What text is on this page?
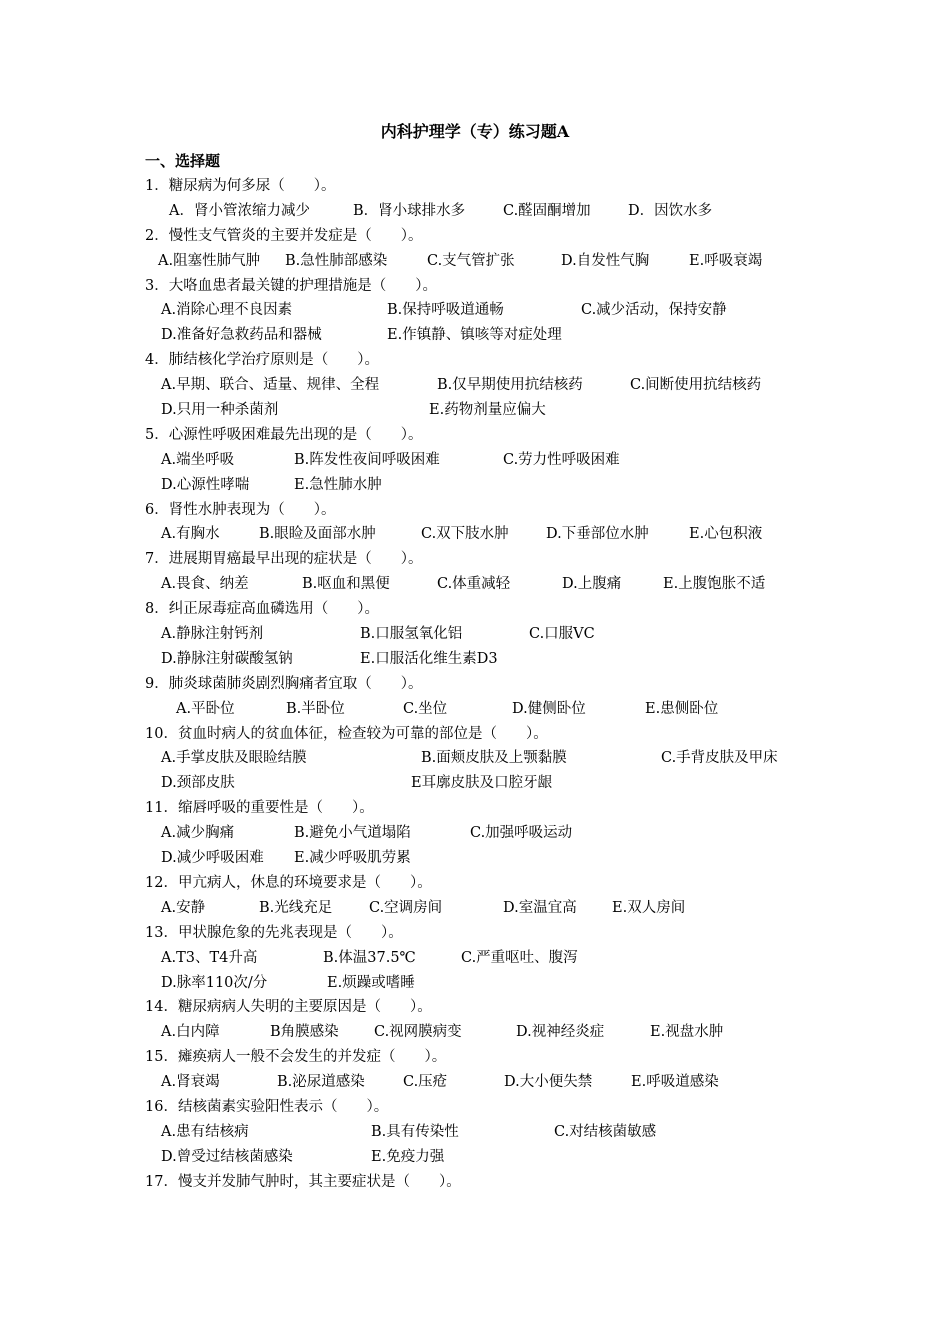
内科护理学（专）练习题A
一、选择题
1．糖尿病为何多尿（　　）。
A．肾小管浓缩力减少	B．肾小球排水多	C.醛固酮增加	D．因饮水多
2．慢性支气管炎的主要并发症是（　　）。
A.阻塞性肺气肿 B.急性肺部感染	C.支气管扩张	D.自发性气胸	E.呼吸衰竭
3．大咯血患者最关键的护理措施是（　　）。
A.消除心理不良因素	B.保持呼吸道通畅	C.减少活动，保持安静
D.准备好急救药品和器械	E.作镇静、镇咳等对症处理
4．肺结核化学治疗原则是（　　）。
A.早期、联合、适量、规律、全程	B.仅早期使用抗结核药	C.间断使用抗结核药
D.只用一种杀菌剂	E.药物剂量应偏大
5．心源性呼吸困难最先出现的是（　　）。
A.端坐呼吸	B.阵发性夜间呼吸困难	C.劳力性呼吸困难
D.心源性哮喘	E.急性肺水肿
6．肾性水肿表现为（　　）。
A.有胸水	B.眼睑及面部水肿	C.双下肢水肿	D.下垂部位水肿	E.心包积液
7．进展期胃癌最早出现的症状是（　　）。
A.畏食、纳差	B.呕血和黑便	C.体重减轻	D.上腹痛	E.上腹饱胀不适
8．纠正尿毒症高血磷选用（　　）。
A.静脉注射钙剂	B.口服氢氧化铝	C.口服VC
D.静脉注射碳酸氢钠	E.口服活化维生素D3
9．肺炎球菌肺炎剧烈胸痛者宜取（　　）。
A.平卧位	B.半卧位	C.坐位	D.健侧卧位	E.患侧卧位
10．贫血时病人的贫血体征，检查较为可靠的部位是（　　）。
A.手掌皮肤及眼睑结膜	B.面颊皮肤及上颚黏膜	C.手背皮肤及甲床
D.颈部皮肤	E耳廓皮肤及口腔牙龈
11．缩唇呼吸的重要性是（　　）。
A.减少胸痛	B.避免小气道塌陷	C.加强呼吸运动
D.减少呼吸困难 E.减少呼吸肌劳累
12．甲亢病人，休息的环境要求是（　　）。
A.安静	B.光线充足	C.空调房间	D.室温宜高 E.双人房间
13．甲状腺危象的先兆表现是（　　）。
A.T3、T4升高	B.体温37.5℃	C.严重呕吐、腹泻
D.脉率110次/分	E.烦躁或嗜睡
14．糖尿病病人失明的主要原因是（　　）。
A.白内障	B角膜感染 C.视网膜病变	D.视神经炎症	E.视盘水肿
15．瘫痪病人一般不会发生的并发症（　　）。
A.肾衰竭	B.泌尿道感染	C.压疮	D.大小便失禁	E.呼吸道感染
16．结核菌素实验阳性表示（　　）。
A.患有结核病	B.具有传染性	C.对结核菌敏感
D.曾受过结核菌感染	E.免疫力强
17．慢支并发肺气肿时，其主要症状是（　　）。
